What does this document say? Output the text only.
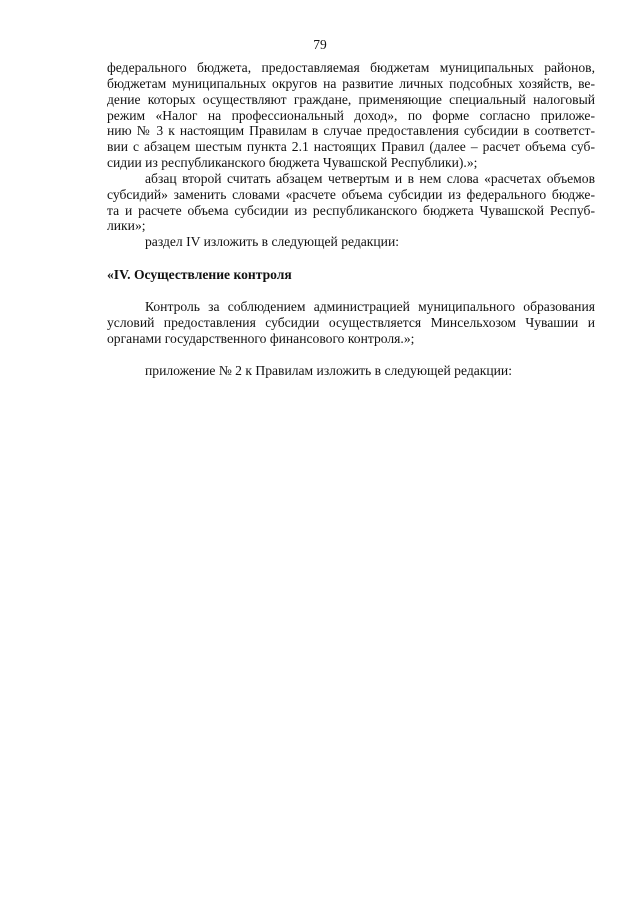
79

федерального бюджета, предоставляемая бюджетам муниципальных районов,
бюджетам муниципальных округов на развитие личных подсобных хозяйств, ве-
дение которых осуществляют граждане, применяющие специальный налоговый
режим «Налог на профессиональный доход», по форме согласно приложе-
нию № 3 к настоящим Правилам в случае предоставления субсидии в соответст-
вии с абзацем шестым пункта 2.1 настоящих Правил (далее – расчет объема суб-
сидии из республиканского бюджета Чувашской Республики).»;

абзац второй считать абзацем четвертым и в нем слова «расчетах объемов
субсидий» заменить словами «расчете объема субсидии из федерального бюдже-
та и расчете объема субсидии из республиканского бюджета Чувашской Респуб-
лики»;

раздел IV изложить в следующей редакции:

«IV. Осуществление контроля

Контроль за соблюдением администрацией муниципального образования
условий предоставления субсидии осуществляется Минсельхозом Чувашии и
органами государственного финансового контроля.»;

приложение № 2 к Правилам изложить в следующей редакции:
